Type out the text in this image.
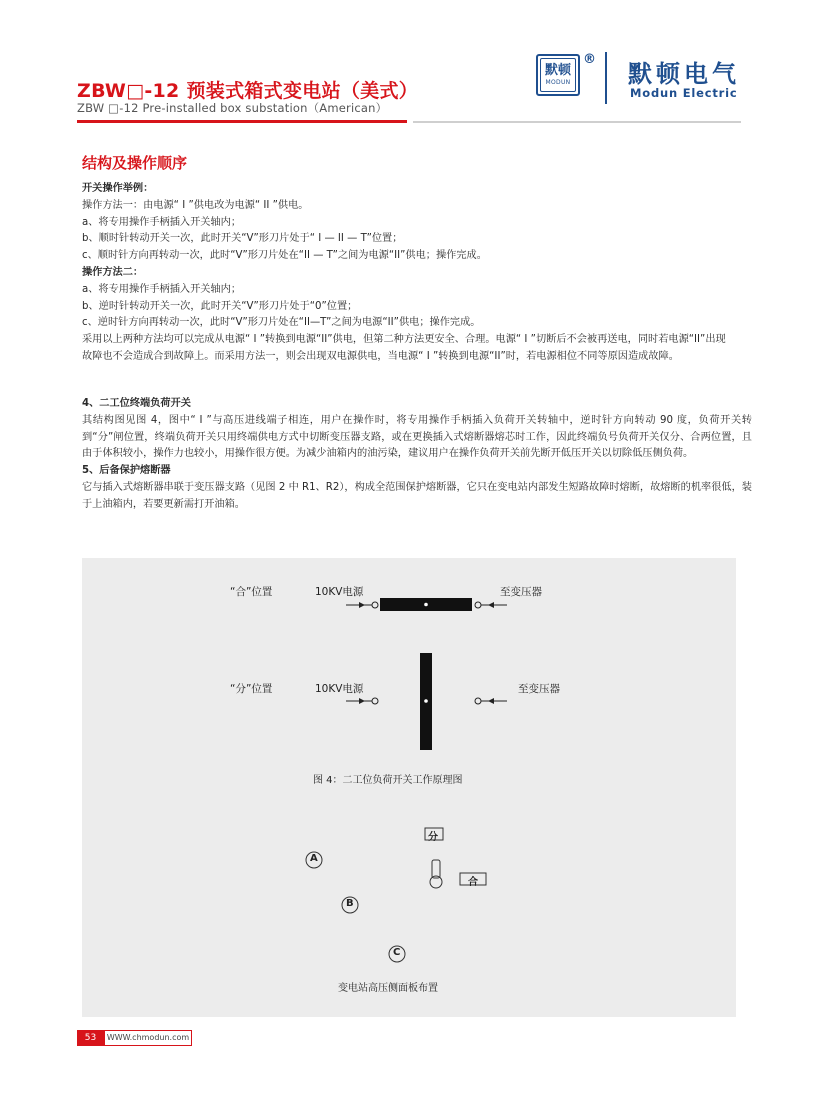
ZBW□-12 预装式箱式变电站（美式）

ZBW □-12 Pre-installed box substation（American）

默顿
MODUN
®
默顿电气
Modun Electric
结构及操作顺序

开关操作举例：

操作方法一：由电源“ I ”供电改为电源“ II ”供电。

a、将专用操作手柄插入开关轴内；

b、顺时针转动开关一次，此时开关“V”形刀片处于“ I — II — T”位置；

c、顺时针方向再转动一次，此时“V”形刀片处在“II — T”之间为电源“II”供电；操作完成。

操作方法二：

a、将专用操作手柄插入开关轴内；

b、逆时针转动开关一次，此时开关“V”形刀片处于“0”位置；

c、逆时针方向再转动一次，此时“V”形刀片处在“II—T”之间为电源“II”供电；操作完成。

采用以上两种方法均可以完成从电源“ I ”转换到电源“II”供电，但第二种方法更安全、合理。电源“ I ”切断后不会被再送电，同时若电源“II”出现

故障也不会造成合到故障上。而采用方法一，则会出现双电源供电，当电源“ I ”转换到电源“II”时，若电源相位不同等原因造成故障。

4、二工位终端负荷开关

其结构图见图 4，图中“ I ”与高压进线端子相连，用户在操作时，将专用操作手柄插入负荷开关转轴中，逆时针方向转动 90 度，负荷开关转到“分”闸位置，终端负荷开关只用终端供电方式中切断变压器支路，或在更换插入式熔断器熔芯时工作，因此终端负号负荷开关仅分、合两位置，且由于体积较小，操作力也较小，用操作很方便。为减少油箱内的油污染，建议用户在操作负荷开关前先断开低压开关以切除低压侧负荷。

5、后备保护熔断器

它与插入式熔断器串联于变压器支路（见图 2 中 R1、R2），构成全范围保护熔断器，它只在变电站内部发生短路故障时熔断，故熔断的机率很低，装于上油箱内，若要更新需打开油箱。

“合”位置	10KV电源	至变压器
“分”位置	10KV电源	至变压器
图 4：二工位负荷开关工作原理图
分
合
A
B
C
变电站高压侧面板布置
53	WWW.chmodun.com
